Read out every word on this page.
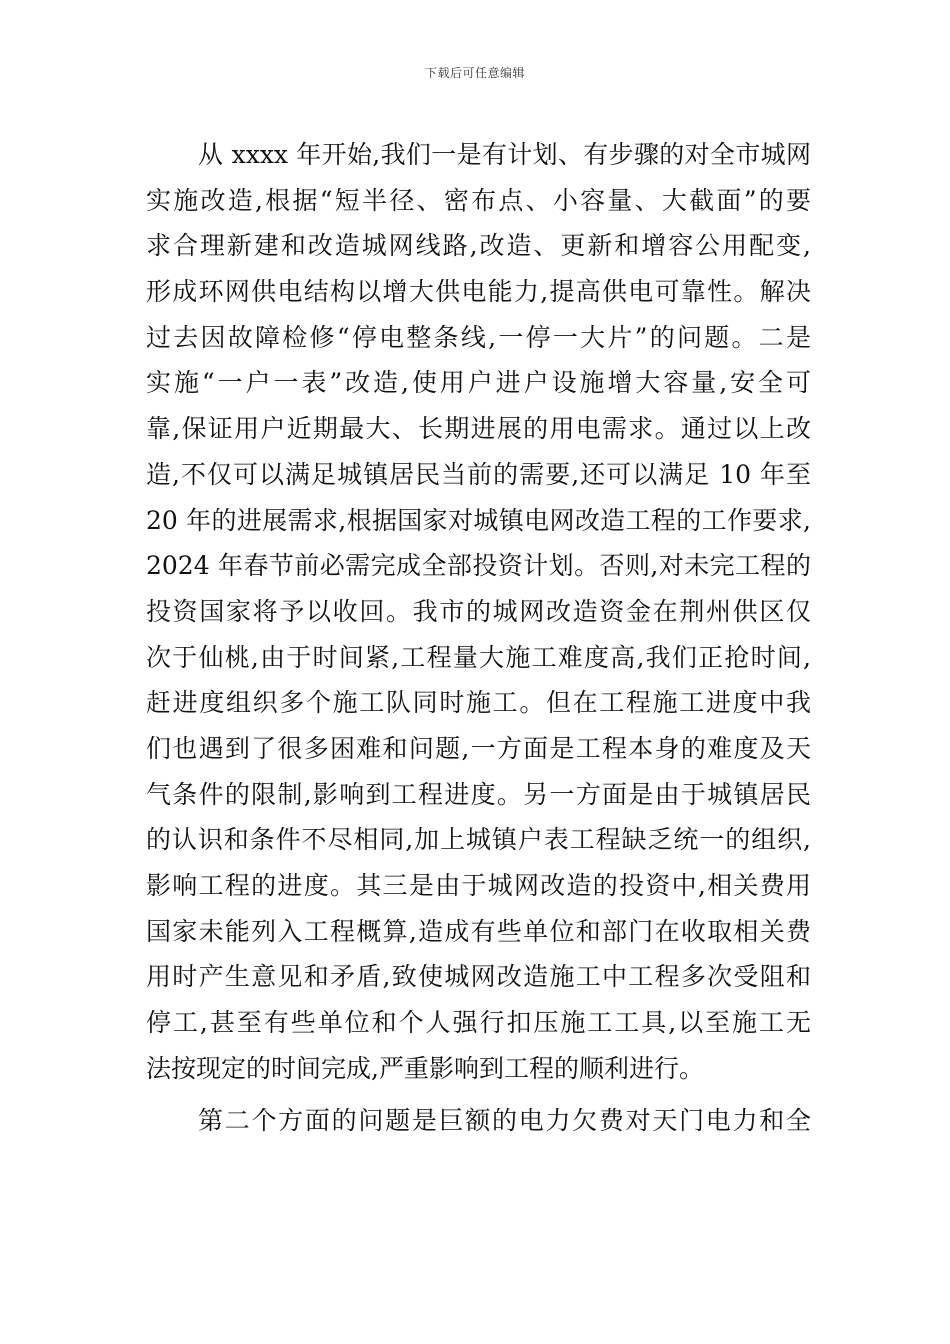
下载后可任意编辑
从 xxxx 年开始,我们一是有计划、有步骤的对全市城网
实施改造,根据“短半径、密布点、小容量、大截面”的要
求合理新建和改造城网线路,改造、更新和增容公用配变,
形成环网供电结构以增大供电能力,提高供电可靠性。解决
过去因故障检修“停电整条线,一停一大片”的问题。二是
实施“一户一表”改造,使用户进户设施增大容量,安全可
靠,保证用户近期最大、长期进展的用电需求。通过以上改
造,不仅可以满足城镇居民当前的需要,还可以满足 10 年至
20 年的进展需求,根据国家对城镇电网改造工程的工作要求,
2024 年春节前必需完成全部投资计划。否则,对未完工程的
投资国家将予以收回。我市的城网改造资金在荆州供区仅
次于仙桃,由于时间紧,工程量大施工难度高,我们正抢时间,
赶进度组织多个施工队同时施工。但在工程施工进度中我
们也遇到了很多困难和问题,一方面是工程本身的难度及天
气条件的限制,影响到工程进度。另一方面是由于城镇居民
的认识和条件不尽相同,加上城镇户表工程缺乏统一的组织,
影响工程的进度。其三是由于城网改造的投资中,相关费用
国家未能列入工程概算,造成有些单位和部门在收取相关费
用时产生意见和矛盾,致使城网改造施工中工程多次受阻和
停工,甚至有些单位和个人强行扣压施工工具,以至施工无
法按现定的时间完成,严重影响到工程的顺利进行。
第二个方面的问题是巨额的电力欠费对天门电力和全
